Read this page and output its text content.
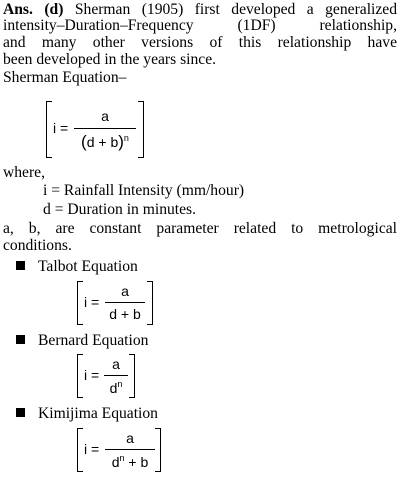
Ans. (d) Sherman (1905) first developed a generalized
intensity–Duration–Frequency (1DF) relationship,
and many other versions of this relationship have
been developed in the years since.
Sherman Equation–
i =
a
$(d + b)^n$
where,
i = Rainfall Intensity (mm/hour)
d = Duration in minutes.
a, b, are constant parameter related to metrological
conditions.
Talbot Equation
i =
a
d + b
Bernard Equation
i =
a
$d^n$
Kimijima Equation
i =
a
$d^n + b$
